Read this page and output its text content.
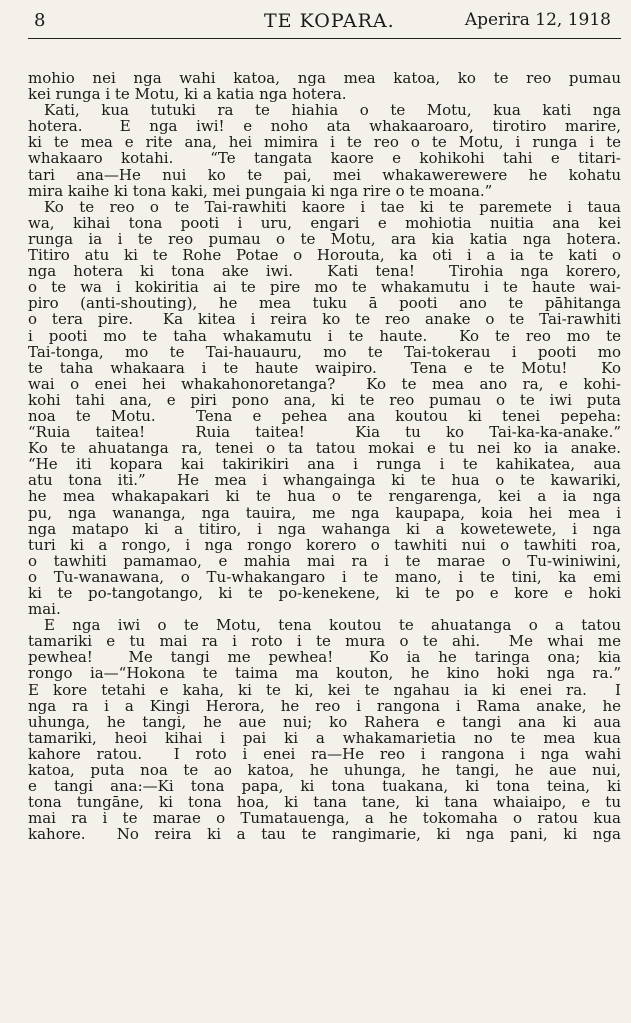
8	TE KOPARA.	Aperira 12, 1918
mohio nei nga wahi katoa, nga mea katoa, ko te reo pumau
kei runga i te Motu, ki a katia nga hotera.
Kati, kua tutuki ra te hiahia o te Motu, kua kati nga
hotera.  E nga iwi! e noho ata whakaaroaro, tirotiro marire,
ki te mea e rite ana, hei mimira i te reo o te Motu, i runga i te
whakaaro kotahi.  “Te tangata kaore e kohikohi tahi e titari-
tari ana—He nui ko te pai, mei whakawerewere he kohatu
mira kaihe ki tona kaki, mei pungaia ki nga rire o te moana.”
Ko te reo o te Tai-rawhiti kaore i tae ki te paremete i taua
wa, kihai tona pooti i uru, engari e mohiotia nuitia ana kei
runga ia i te reo pumau o te Motu, ara kia katia nga hotera.
Titiro atu ki te Rohe Potae o Horouta, ka oti i a ia te kati o
nga hotera ki tona ake iwi.  Kati tena!  Tirohia nga korero,
o te wa i kokiritia ai te pire mo te whakamutu i te haute wai-
piro (anti-shouting), he mea tuku ā pooti ano te pāhitanga
o tera pire.  Ka kitea i reira ko te reo anake o te Tai-rawhiti
i pooti mo te taha whakamutu i te haute.  Ko te reo mo te
Tai-tonga, mo te Tai-hauauru, mo te Tai-tokerau i pooti mo
te taha whakaara i te haute waipiro.  Tena e te Motu!  Ko
wai o enei hei whakahonoretanga?  Ko te mea ano ra, e kohi-
kohi tahi ana, e piri pono ana, ki te reo pumau o te iwi puta
noa te Motu.  Tena e pehea ana koutou ki tenei pepeha:
“Ruia taitea!  Ruia taitea!  Kia tu ko Tai-ka-ka-anake.”
Ko te ahuatanga ra, tenei o ta tatou mokai e tu nei ko ia anake.
“He iti kopara kai takirikiri ana i runga i te kahikatea, aua
atu tona iti.”  He mea i whangainga ki te hua o te kawariki,
he mea whakapakari ki te hua o te rengarenga, kei a ia nga
pu, nga wananga, nga tauira, me nga kaupapa, koia hei mea i
nga matapo ki a titiro, i nga wahanga ki a kowetewete, i nga
turi ki a rongo, i nga rongo korero o tawhiti nui o tawhiti roa,
o tawhiti pamamao, e mahia mai ra i te marae o Tu-winiwini,
o Tu-wanawana, o Tu-whakangaro i te mano, i te tini, ka emi
ki te po-tangotango, ki te po-kenekene, ki te po e kore e hoki
mai.
E nga iwi o te Motu, tena koutou te ahuatanga o a tatou
tamariki e tu mai ra i roto i te mura o te ahi.  Me whai me
pewhea!  Me tangi me pewhea!  Ko ia he taringa ona; kia
rongo ia—“Hokona te taima ma kouton, he kino hoki nga ra.”
E kore tetahi e kaha, ki te ki, kei te ngahau ia ki enei ra.  I
nga ra i a Kingi Herora, he reo i rangona i Rama anake, he
uhunga, he tangi, he aue nui; ko Rahera e tangi ana ki aua
tamariki, heoi kihai i pai ki a whakamarietia no te mea kua
kahore ratou.  I roto i enei ra—He reo i rangona i nga wahi
katoa, puta noa te ao katoa, he uhunga, he tangi, he aue nui,
e tangi ana:—Ki tona papa, ki tona tuakana, ki tona teina, ki
tona tungāne, ki tona hoa, ki tana tane, ki tana whaiaipo, e tu
mai ra i te marae o Tumatauenga, a he tokomaha o ratou kua
kahore.  No reira ki a tau te rangimarie, ki nga pani, ki nga
